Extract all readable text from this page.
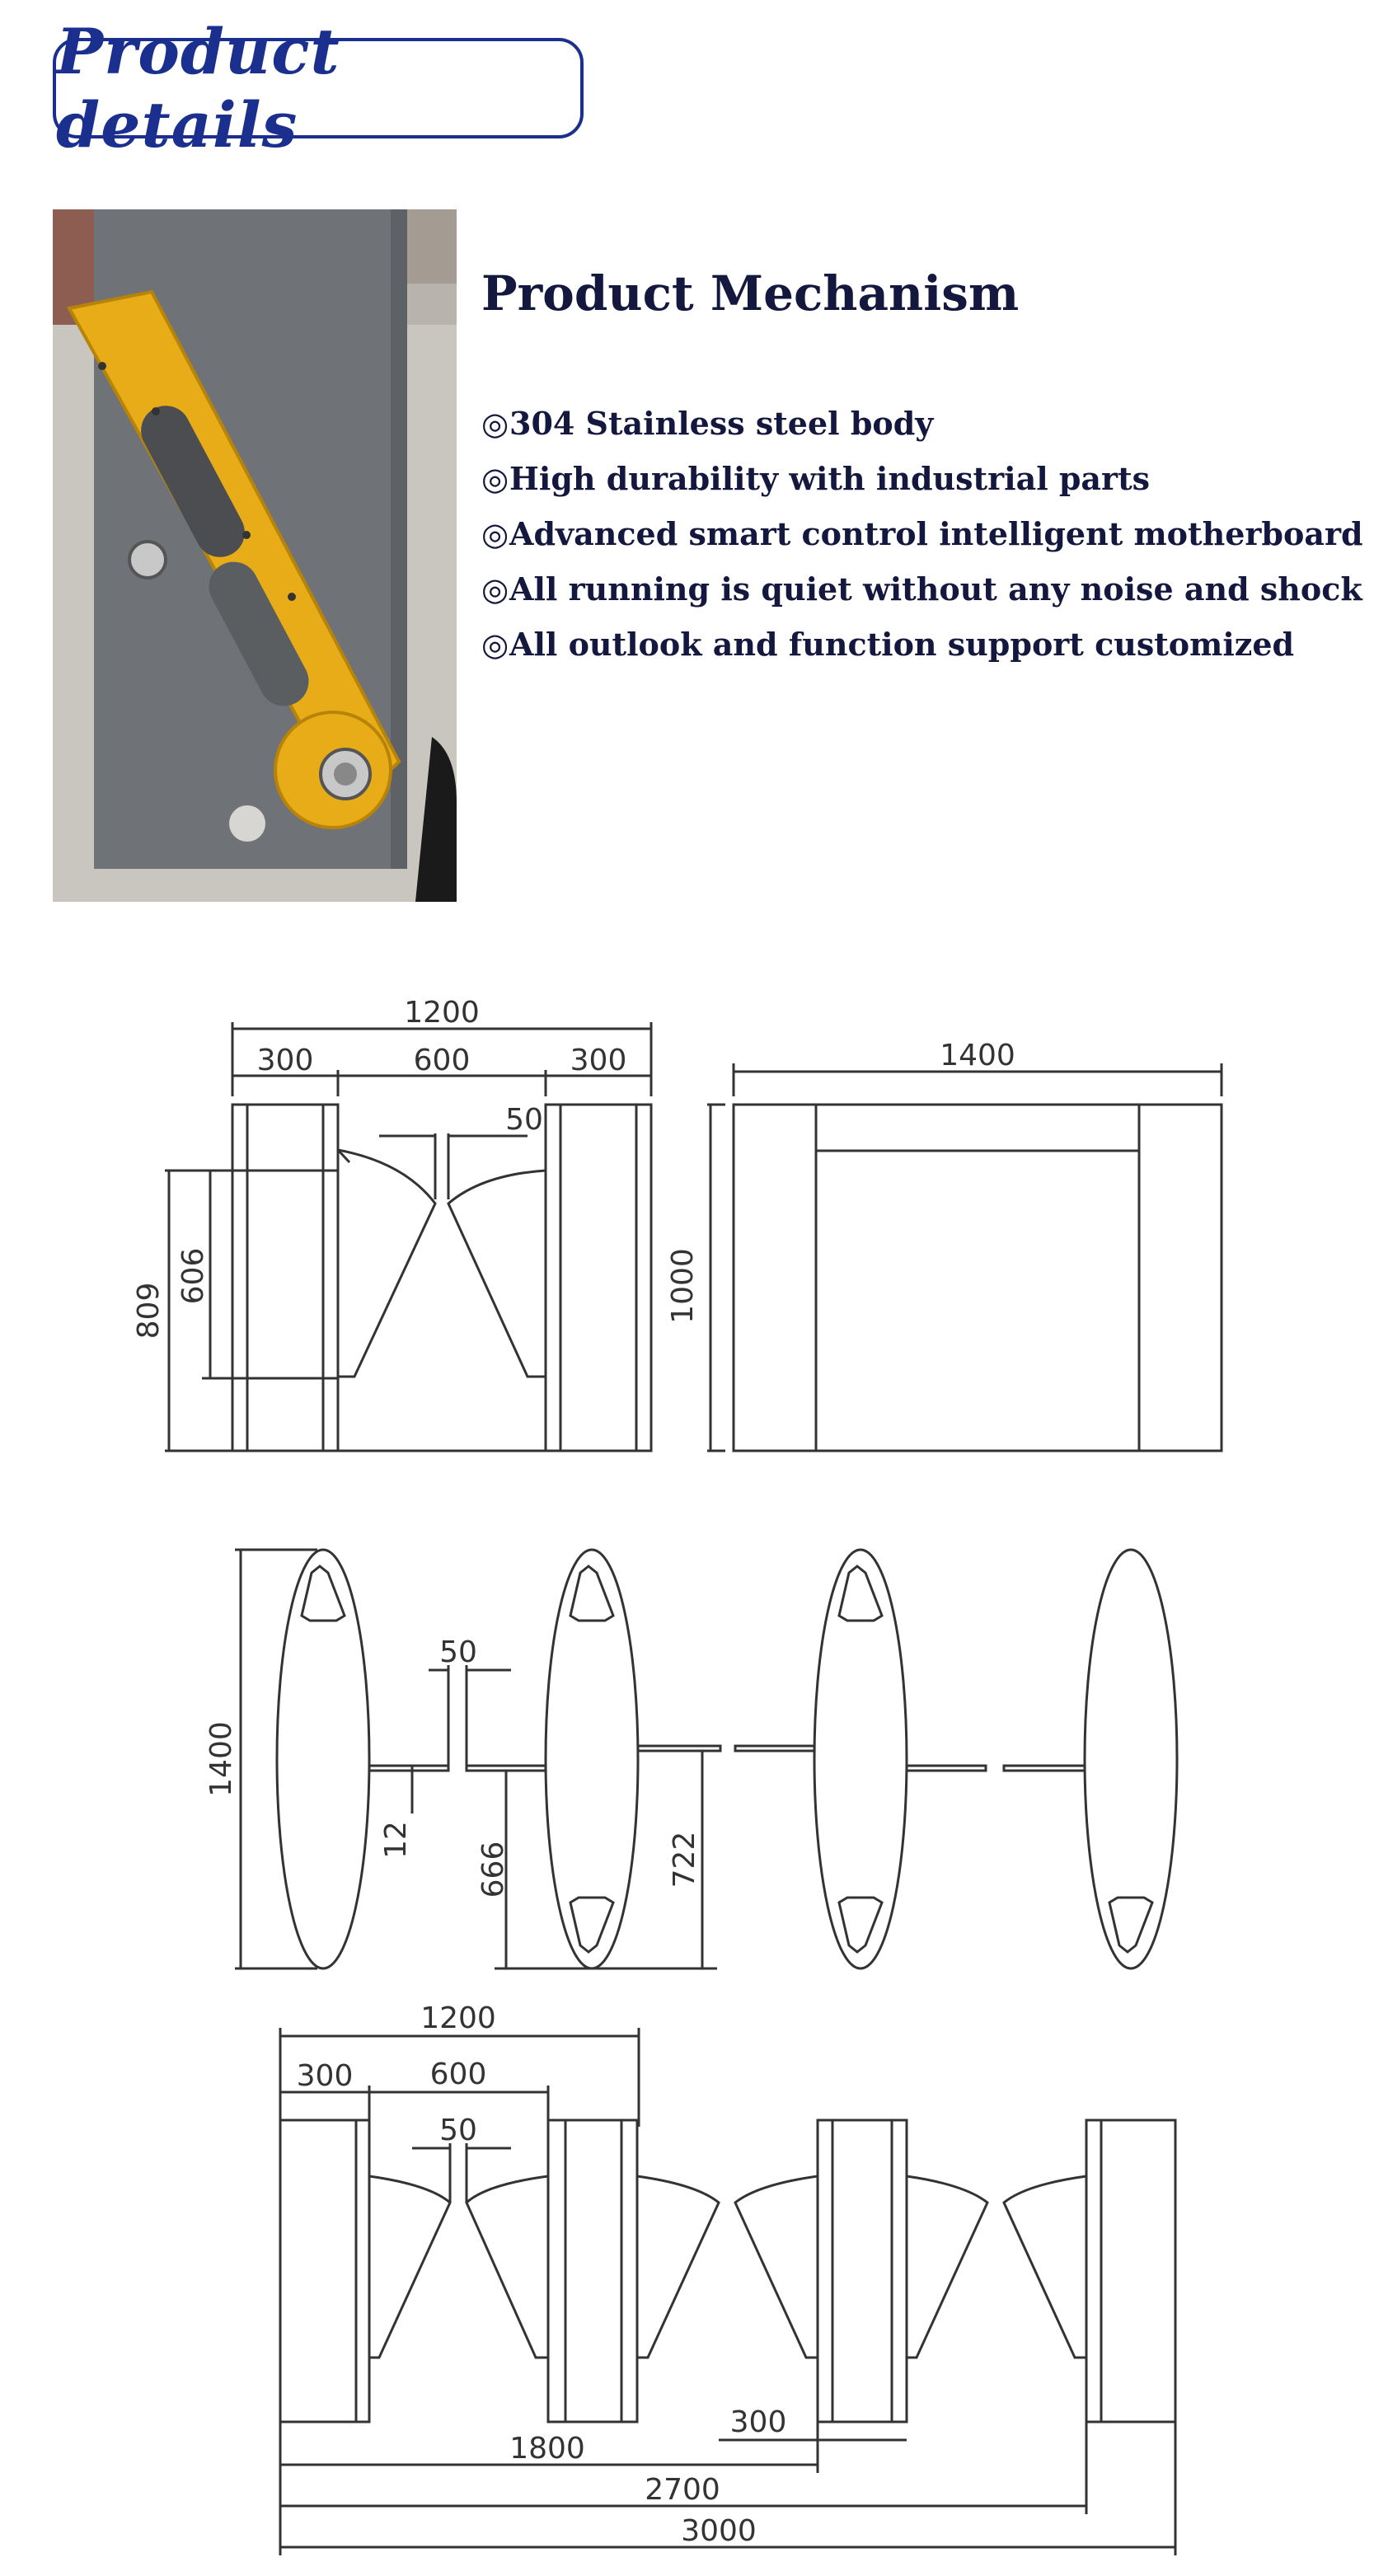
Product details
Product Mechanism
◎304 Stainless steel body
◎High durability with industrial parts
◎Advanced smart control intelligent motherboard
◎All running is quiet without any noise and shock
◎All outlook and function support customized
1200
300	600	300
50
809
606
1400
1000
1400
50
12
666	722
1200
300	600
50
300
1800
2700
3000
